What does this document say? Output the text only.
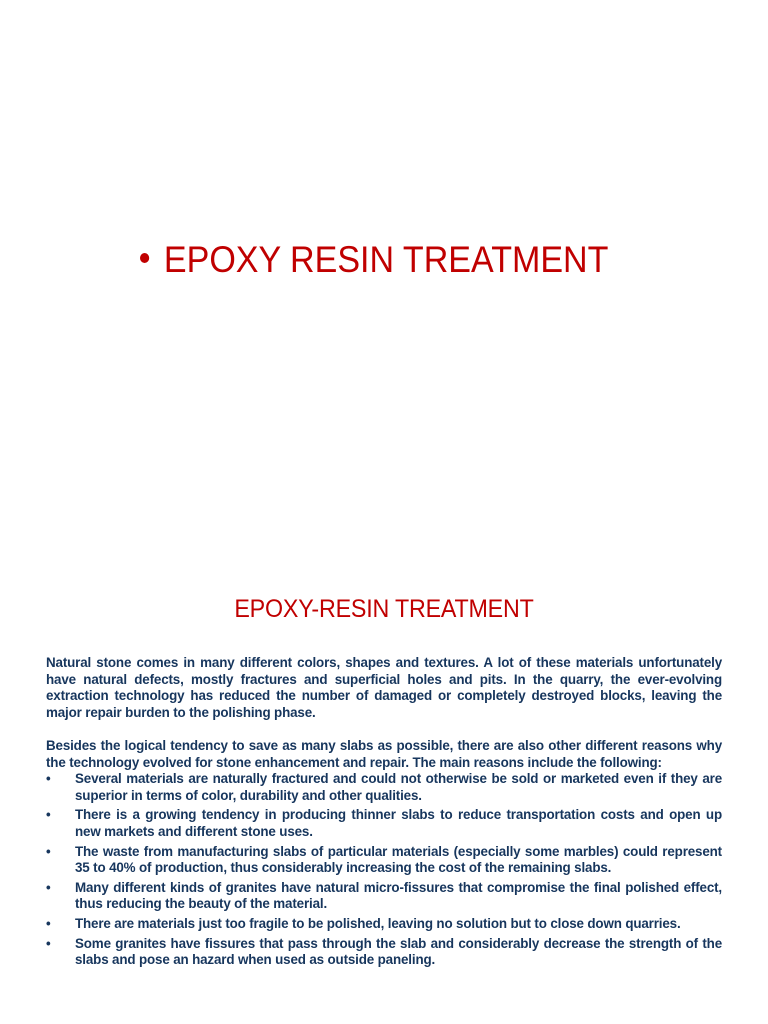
EPOXY RESIN TREATMENT
EPOXY-RESIN TREATMENT

Natural stone comes in many different colors, shapes and textures. A lot of these materials unfortunately have natural defects, mostly fractures and superficial holes and pits. In the quarry, the ever-evolving extraction technology has reduced the number of damaged or completely destroyed blocks, leaving the major repair burden to the polishing phase.

Besides the logical tendency to save as many slabs as possible, there are also other different reasons why the technology evolved for stone enhancement and repair. The main reasons include the following:

• Several materials are naturally fractured and could not otherwise be sold or marketed even if they are superior in terms of color, durability and other qualities.
• There is a growing tendency in producing thinner slabs to reduce transportation costs and open up new markets and different stone uses.
• The waste from manufacturing slabs of particular materials (especially some marbles) could represent 35 to 40% of production, thus considerably increasing the cost of the remaining slabs.
• Many different kinds of granites have natural micro-fissures that compromise the final polished effect, thus reducing the beauty of the material.
• There are materials just too fragile to be polished, leaving no solution but to close down quarries.
• Some granites have fissures that pass through the slab and considerably decrease the strength of the slabs and pose an hazard when used as outside paneling.
